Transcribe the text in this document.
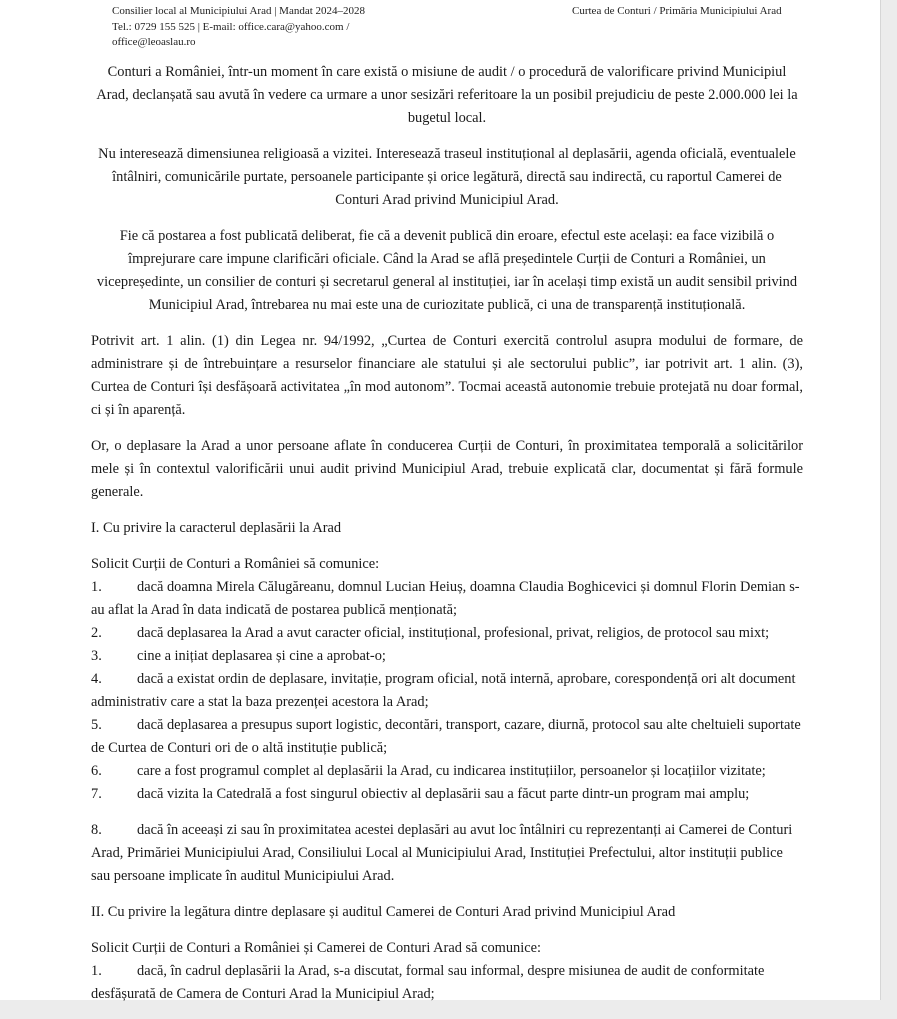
Consilier local al Municipiului Arad | Mandat 2024–2028
Tel.: 0729 155 525 | E-mail: office.cara@yahoo.com /
office@leoaslau.ro
Curtea de Conturi / Primăria Municipiului Arad

Conturi a României, într-un moment în care există o misiune de audit / o procedură de valorificare privind Municipiul Arad, declanșată sau avută în vedere ca urmare a unor sesizări referitoare la un posibil prejudiciu de peste 2.000.000 lei la bugetul local.

Nu interesează dimensiunea religioasă a vizitei. Interesează traseul instituțional al deplasării, agenda oficială, eventualele întâlniri, comunicările purtate, persoanele participante și orice legătură, directă sau indirectă, cu raportul Camerei de Conturi Arad privind Municipiul Arad.

Fie că postarea a fost publicată deliberat, fie că a devenit publică din eroare, efectul este același: ea face vizibilă o împrejurare care impune clarificări oficiale. Când la Arad se află președintele Curții de Conturi a României, un vicepreședinte, un consilier de conturi și secretarul general al instituției, iar în același timp există un audit sensibil privind Municipiul Arad, întrebarea nu mai este una de curiozitate publică, ci una de transparență instituțională.

Potrivit art. 1 alin. (1) din Legea nr. 94/1992, „Curtea de Conturi exercită controlul asupra modului de formare, de administrare și de întrebuințare a resurselor financiare ale statului și ale sectorului public”, iar potrivit art. 1 alin. (3), Curtea de Conturi își desfășoară activitatea „în mod autonom”. Tocmai această autonomie trebuie protejată nu doar formal, ci și în aparență.

Or, o deplasare la Arad a unor persoane aflate în conducerea Curții de Conturi, în proximitatea temporală a solicitărilor mele și în contextul valorificării unui audit privind Municipiul Arad, trebuie explicată clar, documentat și fără formule generale.

I. Cu privire la caracterul deplasării la Arad

Solicit Curții de Conturi a României să comunice:

1. dacă doamna Mirela Călugăreanu, domnul Lucian Heiuș, doamna Claudia Boghicevici și domnul Florin Demian s-au aflat la Arad în data indicată de postarea publică menționată;

2. dacă deplasarea la Arad a avut caracter oficial, instituțional, profesional, privat, religios, de protocol sau mixt;

3. cine a inițiat deplasarea și cine a aprobat-o;

4. dacă a existat ordin de deplasare, invitație, program oficial, notă internă, aprobare, corespondență ori alt document administrativ care a stat la baza prezenței acestora la Arad;

5. dacă deplasarea a presupus suport logistic, decontări, transport, cazare, diurnă, protocol sau alte cheltuieli suportate de Curtea de Conturi ori de o altă instituție publică;

6. care a fost programul complet al deplasării la Arad, cu indicarea instituțiilor, persoanelor și locațiilor vizitate;

7. dacă vizita la Catedrală a fost singurul obiectiv al deplasării sau a făcut parte dintr-un program mai amplu;

8. dacă în aceeași zi sau în proximitatea acestei deplasări au avut loc întâlniri cu reprezentanți ai Camerei de Conturi Arad, Primăriei Municipiului Arad, Consiliului Local al Municipiului Arad, Instituției Prefectului, altor instituții publice sau persoane implicate în auditul Municipiului Arad.

II. Cu privire la legătura dintre deplasare și auditul Camerei de Conturi Arad privind Municipiul Arad

Solicit Curții de Conturi a României și Camerei de Conturi Arad să comunice:

1. dacă, în cadrul deplasării la Arad, s-a discutat, formal sau informal, despre misiunea de audit de conformitate desfășurată de Camera de Conturi Arad la Municipiul Arad;
